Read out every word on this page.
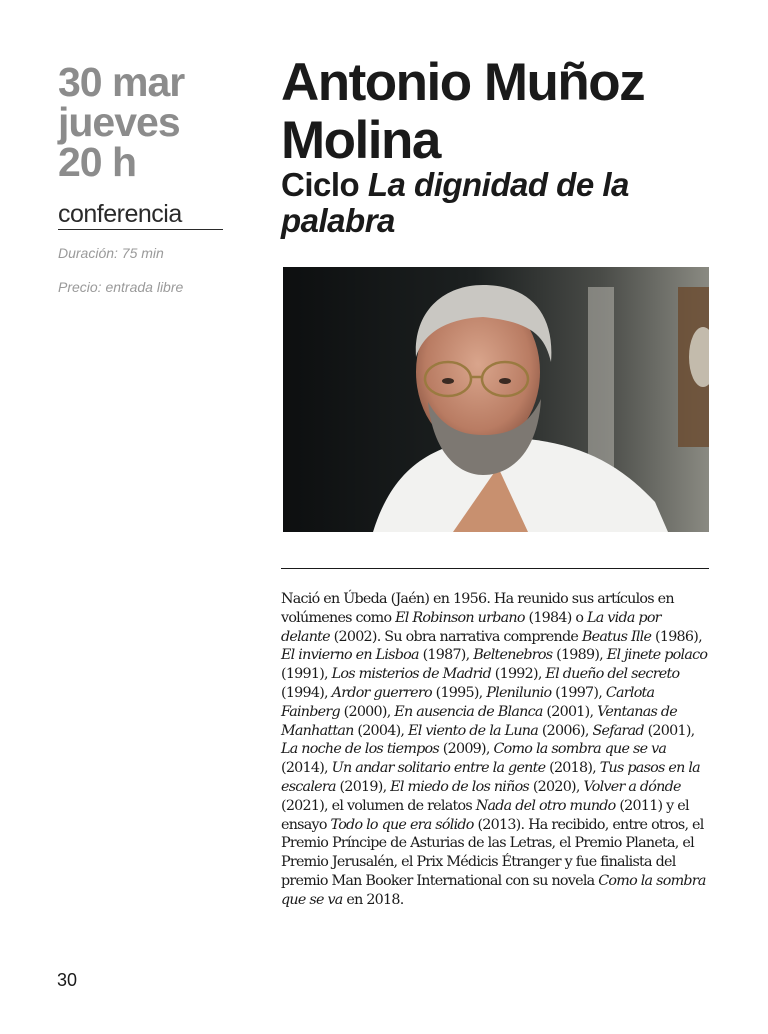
30 mar
jueves
20 h
conferencia
Duración: 75 min
Precio: entrada libre
Antonio Muñoz Molina
Ciclo La dignidad de la palabra

Nació en Úbeda (Jaén) en 1956. Ha reunido sus artículos en volúmenes como El Robinson urbano (1984) o La vida por delante (2002). Su obra narrativa comprende Beatus Ille (1986), El invierno en Lisboa (1987), Beltenebros (1989), El jinete polaco (1991), Los misterios de Madrid (1992), El dueño del secreto (1994), Ardor guerrero (1995), Plenilunio (1997), Carlota Fainberg (2000), En ausencia de Blanca (2001), Ventanas de Manhattan (2004), El viento de la Luna (2006), Sefarad (2001), La noche de los tiempos (2009), Como la sombra que se va (2014), Un andar solitario entre la gente (2018), Tus pasos en la escalera (2019), El miedo de los niños (2020), Volver a dónde (2021), el volumen de relatos Nada del otro mundo (2011) y el ensayo Todo lo que era sólido (2013). Ha recibido, entre otros, el Premio Príncipe de Asturias de las Letras, el Premio Planeta, el Premio Jerusalén, el Prix Médicis Étranger y fue finalista del premio Man Booker International con su novela Como la sombra que se va en 2018.

30
